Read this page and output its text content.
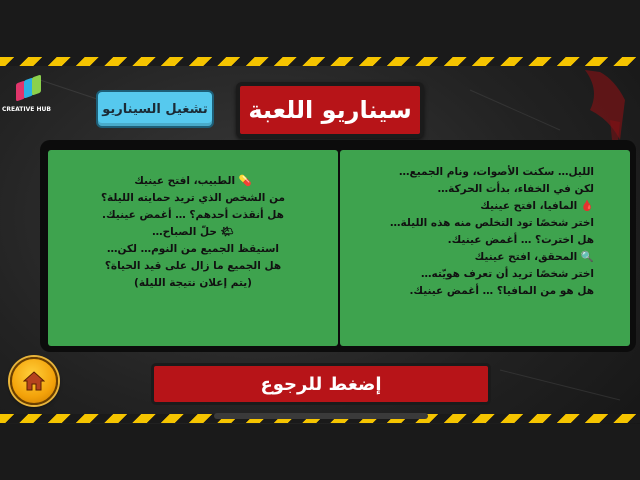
CREATIVE HUB	تشغيل السيناريو	سيناريو اللعبة
💊 الطبيب، افتح عينيك
من الشخص الذي تريد حمايته الليلة؟
هل أنقذت أحدهم؟ … أغمض عينيك.
🌤 حلّ الصباح…
استيقظ الجميع من النوم… لكن…
هل الجميع ما زال على قيد الحياة؟
(يتم إعلان نتيجة الليلة)
الليل… سكنت الأصوات، ونام الجميع…
لكن في الخفاء، بدأت الحركة…
🩸 المافيا، افتح عينيك
اختر شخصًا تود التخلص منه هذه الليلة…
هل اخترت؟ … أغمض عينيك.
🔍 المحقق، افتح عينيك
اختر شخصًا تريد أن تعرف هويّته…
هل هو من المافيا؟ … أغمض عينيك.
إضغط للرجوع
